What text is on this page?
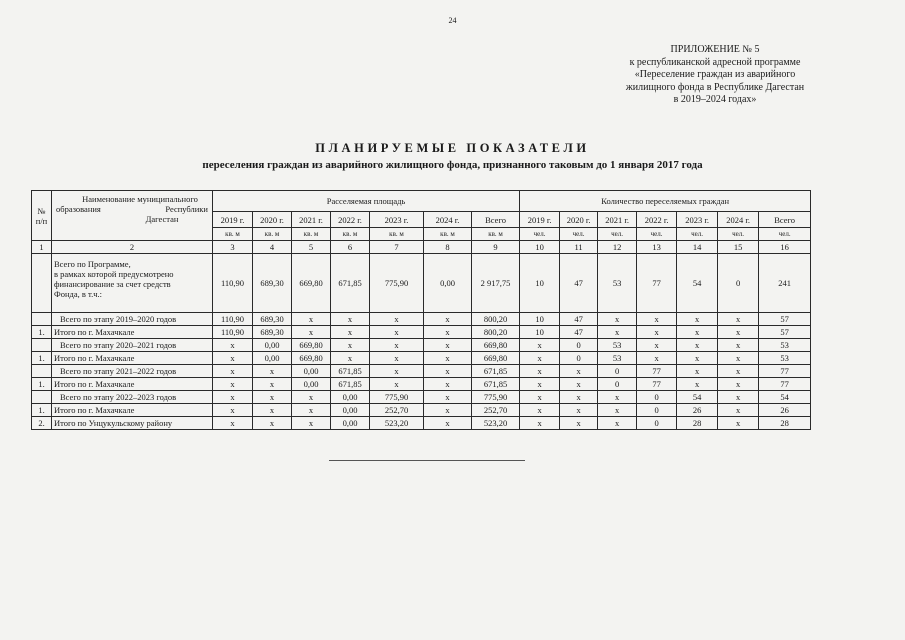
24
ПРИЛОЖЕНИЕ № 5
к республиканской адресной программе
«Переселение граждан из аварийного
жилищного фонда в Республике Дагестан
в 2019–2024 годах»
ПЛАНИРУЕМЫЕ ПОКАЗАТЕЛИ
переселения граждан из аварийного жилищного фонда, признанного таковым до 1 января 2017 года
№ п/п	Наименование муниципального
образования Республики
Дагестан	Расселяемая площадь							Количество переселяемых граждан						
		2019 г.	2020 г.	2021 г.	2022 г.	2023 г.	2024 г.	Всего	2019 г.	2020 г.	2021 г.	2022 г.	2023 г.	2024 г.	Всего
		кв. м	кв. м	кв. м	кв. м	кв. м	кв. м	кв. м	чел.	чел.	чел.	чел.	чел.	чел.	чел.
1	2	3	4	5	6	7	8	9	10	11	12	13	14	15	16

	Всего по Программе,
в рамках которой предусмотрено
финансирование за счет средств
Фонда, в т.ч.:	110,90	689,30	669,80	671,85	775,90	0,00	2 917,75	10	47	53	77	54	0	241
	Всего по этапу 2019–2020 годов	110,90	689,30	x	x	x	x	800,20	10	47	x	x	x	x	57
1.	Итого по г. Махачкале	110,90	689,30	x	x	x	x	800,20	10	47	x	x	x	x	57
	Всего по этапу 2020–2021 годов	x	0,00	669,80	x	x	x	669,80	x	0	53	x	x	x	53
1.	Итого по г. Махачкале	x	0,00	669,80	x	x	x	669,80	x	0	53	x	x	x	53
	Всего по этапу 2021–2022 годов	x	x	0,00	671,85	x	x	671,85	x	x	0	77	x	x	77
1.	Итого по г. Махачкале	x	x	0,00	671,85	x	x	671,85	x	x	0	77	x	x	77
	Всего по этапу 2022–2023 годов	x	x	x	0,00	775,90	x	775,90	x	x	x	0	54	x	54
1.	Итого по г. Махачкале	x	x	x	0,00	252,70	x	252,70	x	x	x	0	26	x	26
2.	Итого по Унцукульскому району	x	x	x	0,00	523,20	x	523,20	x	x	x	0	28	x	28
